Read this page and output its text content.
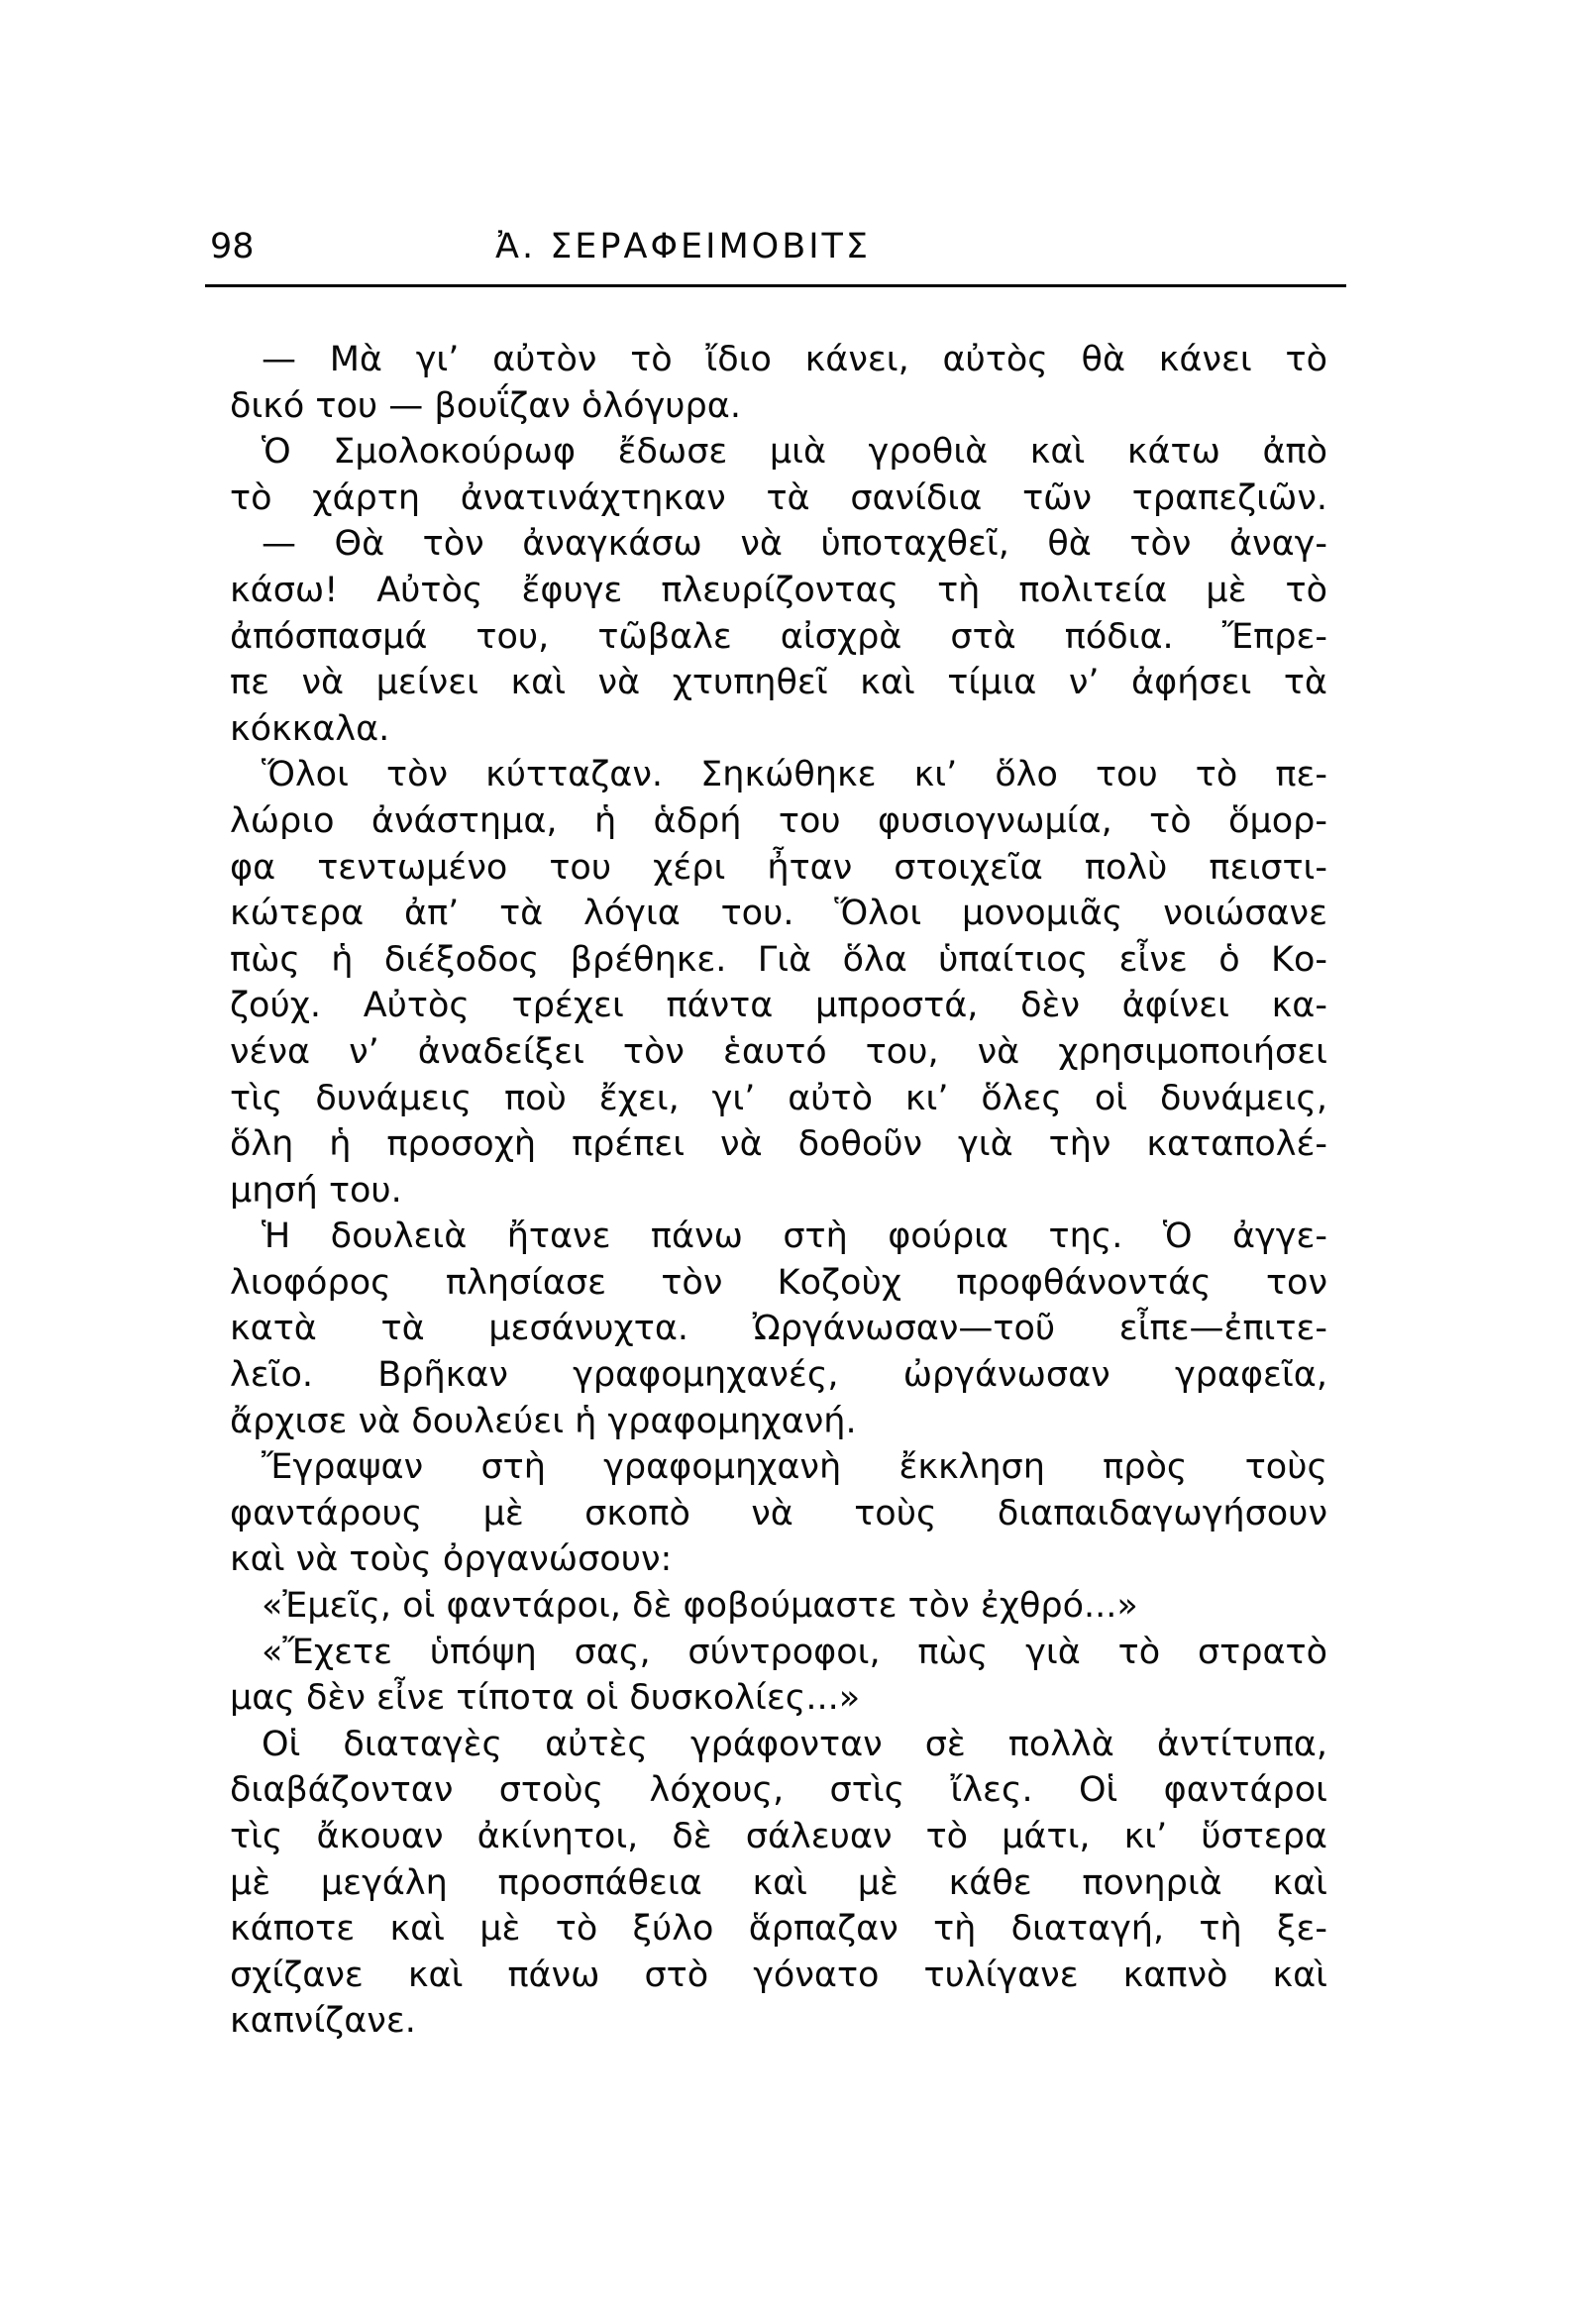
98	Ἀ. ΣΕΡΑΦΕΙΜΟΒΙΤΣ
— Μὰ γι’ αὐτὸν τὸ ἴδιο κάνει, αὐτὸς θὰ κάνει τὸ
δικό του — βουΐζαν ὁλόγυρα.
Ὁ Σμολοκούρωφ ἔδωσε μιὰ γροθιὰ καὶ κάτω ἀπὸ
τὸ χάρτη ἀνατινάχτηκαν τὰ σανίδια τῶν τραπεζιῶν.
— Θὰ τὸν ἀναγκάσω νὰ ὑποταχθεῖ, θὰ τὸν ἀναγ-
κάσω! Αὐτὸς ἔφυγε πλευρίζοντας τὴ πολιτεία μὲ τὸ
ἀπόσπασμά του, τῶβαλε αἰσχρὰ στὰ πόδια. Ἔπρε-
πε νὰ μείνει καὶ νὰ χτυπηθεῖ καὶ τίμια ν’ ἀφήσει τὰ
κόκκαλα.
Ὅλοι τὸν κύτταζαν. Σηκώθηκε κι’ ὅλο του τὸ πε-
λώριο ἀνάστημα, ἡ ἁδρή του φυσιογνωμία, τὸ ὅμορ-
φα τεντωμένο του χέρι ἦταν στοιχεῖα πολὺ πειστι-
κώτερα ἀπ’ τὰ λόγια του. Ὅλοι μονομιᾶς νοιώσανε
πὼς ἡ διέξοδος βρέθηκε. Γιὰ ὅλα ὑπαίτιος εἶνε ὁ Κο-
ζούχ. Αὐτὸς τρέχει πάντα μπροστά, δὲν ἀφίνει κα-
νένα ν’ ἀναδείξει τὸν ἑαυτό του, νὰ χρησιμοποιήσει
τὶς δυνάμεις ποὺ ἔχει, γι’ αὐτὸ κι’ ὅλες οἱ δυνάμεις,
ὅλη ἡ προσοχὴ πρέπει νὰ δοθοῦν γιὰ τὴν καταπολέ-
μησή του.
Ἡ δουλειὰ ἤτανε πάνω στὴ φούρια της. Ὁ ἀγγε-
λιοφόρος πλησίασε τὸν Κοζοὺχ προφθάνοντάς τον
κατὰ τὰ μεσάνυχτα. Ὠργάνωσαν—τοῦ εἶπε—ἐπιτε-
λεῖο. Βρῆκαν γραφομηχανές, ὠργάνωσαν γραφεῖα,
ἄρχισε νὰ δουλεύει ἡ γραφομηχανή.
Ἔγραψαν στὴ γραφομηχανὴ ἔκκληση πρὸς τοὺς
φαντάρους μὲ σκοπὸ νὰ τοὺς διαπαιδαγωγήσουν
καὶ νὰ τοὺς ὀργανώσουν:
«Ἐμεῖς, οἱ φαντάροι, δὲ φοβούμαστε τὸν ἐχθρό...»
«Ἔχετε ὑπόψη σας, σύντροφοι, πὼς γιὰ τὸ στρατὸ
μας δὲν εἶνε τίποτα οἱ δυσκολίες...»
Οἱ διαταγὲς αὐτὲς γράφονταν σὲ πολλὰ ἀντίτυπα,
διαβάζονταν στοὺς λόχους, στὶς ἴλες. Οἱ φαντάροι
τὶς ἄκουαν ἀκίνητοι, δὲ σάλευαν τὸ μάτι, κι’ ὕστερα
μὲ μεγάλη προσπάθεια καὶ μὲ κάθε πονηριὰ καὶ
κάποτε καὶ μὲ τὸ ξύλο ἅρπαζαν τὴ διαταγή, τὴ ξε-
σχίζανε καὶ πάνω στὸ γόνατο τυλίγανε καπνὸ καὶ
καπνίζανε.
